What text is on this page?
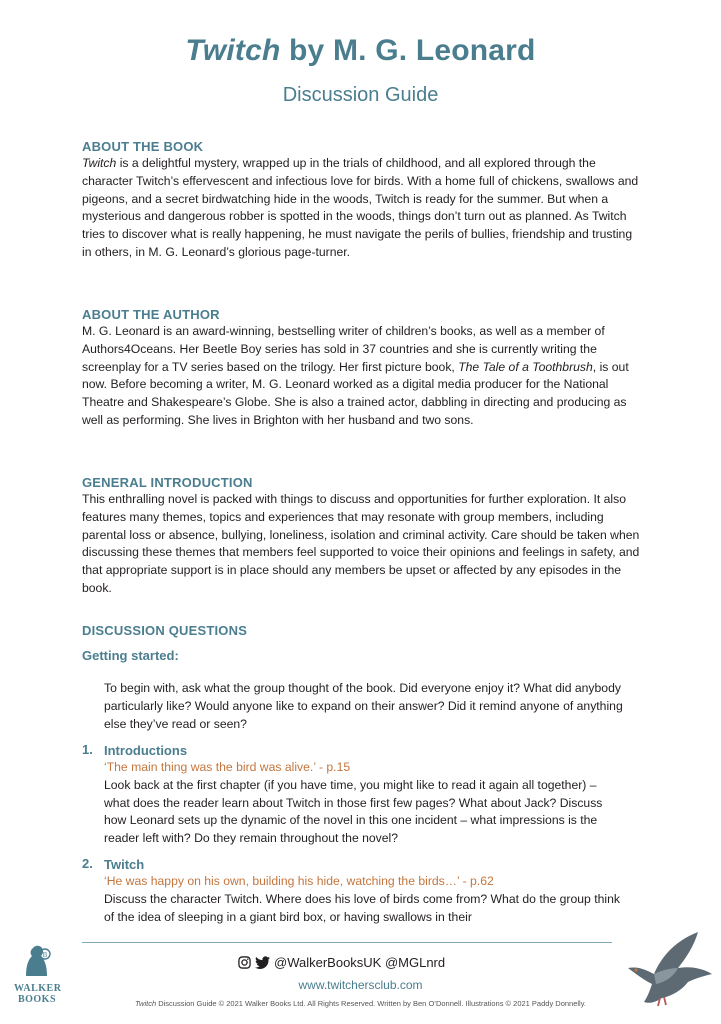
Twitch by M. G. Leonard
Discussion Guide
ABOUT THE BOOK
Twitch is a delightful mystery, wrapped up in the trials of childhood, and all explored through the character Twitch’s effervescent and infectious love for birds. With a home full of chickens, swallows and pigeons, and a secret birdwatching hide in the woods, Twitch is ready for the summer. But when a mysterious and dangerous robber is spotted in the woods, things don’t turn out as planned. As Twitch tries to discover what is really happening, he must navigate the perils of bullies, friendship and trusting in others, in M. G. Leonard’s glorious page-turner.
ABOUT THE AUTHOR
M. G. Leonard is an award-winning, bestselling writer of children’s books, as well as a member of Authors4Oceans. Her Beetle Boy series has sold in 37 countries and she is currently writing the screenplay for a TV series based on the trilogy. Her first picture book, The Tale of a Toothbrush, is out now. Before becoming a writer, M. G. Leonard worked as a digital media producer for the National Theatre and Shakespeare’s Globe. She is also a trained actor, dabbling in directing and producing as well as performing. She lives in Brighton with her husband and two sons.
GENERAL INTRODUCTION
This enthralling novel is packed with things to discuss and opportunities for further exploration. It also features many themes, topics and experiences that may resonate with group members, including parental loss or absence, bullying, loneliness, isolation and criminal activity. Care should be taken when discussing these themes that members feel supported to voice their opinions and feelings in safety, and that appropriate support is in place should any members be upset or affected by any episodes in the book.
DISCUSSION QUESTIONS
Getting started:
To begin with, ask what the group thought of the book. Did everyone enjoy it? What did anybody particularly like? Would anyone like to expand on their answer? Did it remind anyone of anything else they’ve read or seen?
1. Introductions
‘The main thing was the bird was alive.’ - p.15
Look back at the first chapter (if you have time, you might like to read it again all together) – what does the reader learn about Twitch in those first few pages? What about Jack? Discuss how Leonard sets up the dynamic of the novel in this one incident – what impressions is the reader left with? Do they remain throughout the novel?
2. Twitch
‘He was happy on his own, building his hide, watching the birds…’ - p.62
Discuss the character Twitch. Where does his love of birds come from? What do the group think of the idea of sleeping in a giant bird box, or having swallows in their
B
WALKER
BOOKS
@WalkerBooksUK @MGLnrd
www.twitchersclub.com
Twitch Discussion Guide © 2021 Walker Books Ltd. All Rights Reserved. Written by Ben O’Donnell. Illustrations © 2021 Paddy Donnelly.
